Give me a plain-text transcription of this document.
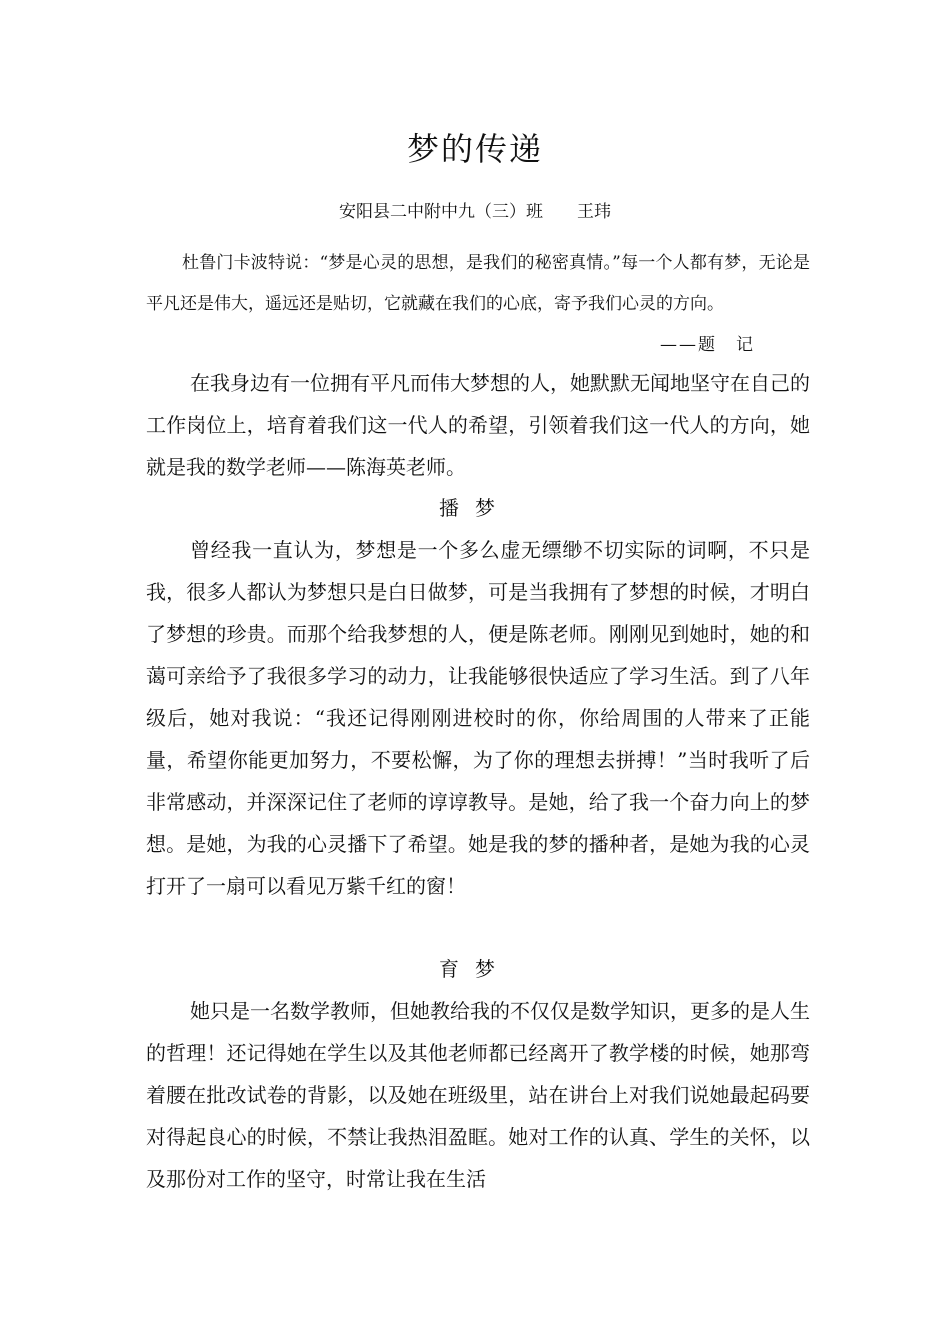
梦的传递
安阳县二中附中九（三）班 王玮

杜鲁门卡波特说：“梦是心灵的思想，是我们的秘密真情。”每一个人都有梦，无论是平凡还是伟大，遥远还是贴切，它就藏在我们的心底，寄予我们心灵的方向。

——题　记

在我身边有一位拥有平凡而伟大梦想的人，她默默无闻地坚守在自己的工作岗位上，培育着我们这一代人的希望，引领着我们这一代人的方向，她就是我的数学老师——陈海英老师。

播梦

曾经我一直认为，梦想是一个多么虚无缥缈不切实际的词啊，不只是我，很多人都认为梦想只是白日做梦，可是当我拥有了梦想的时候，才明白了梦想的珍贵。而那个给我梦想的人，便是陈老师。刚刚见到她时，她的和蔼可亲给予了我很多学习的动力，让我能够很快适应了学习生活。到了八年级后，她对我说：“我还记得刚刚进校时的你，你给周围的人带来了正能量，希望你能更加努力，不要松懈，为了你的理想去拼搏！”当时我听了后非常感动，并深深记住了老师的谆谆教导。是她，给了我一个奋力向上的梦想。是她，为我的心灵播下了希望。她是我的梦的播种者，是她为我的心灵打开了一扇可以看见万紫千红的窗！

育梦

她只是一名数学教师，但她教给我的不仅仅是数学知识，更多的是人生的哲理！还记得她在学生以及其他老师都已经离开了教学楼的时候，她那弯着腰在批改试卷的背影，以及她在班级里，站在讲台上对我们说她最起码要对得起良心的时候，不禁让我热泪盈眶。她对工作的认真、学生的关怀，以及那份对工作的坚守，时常让我在生活
